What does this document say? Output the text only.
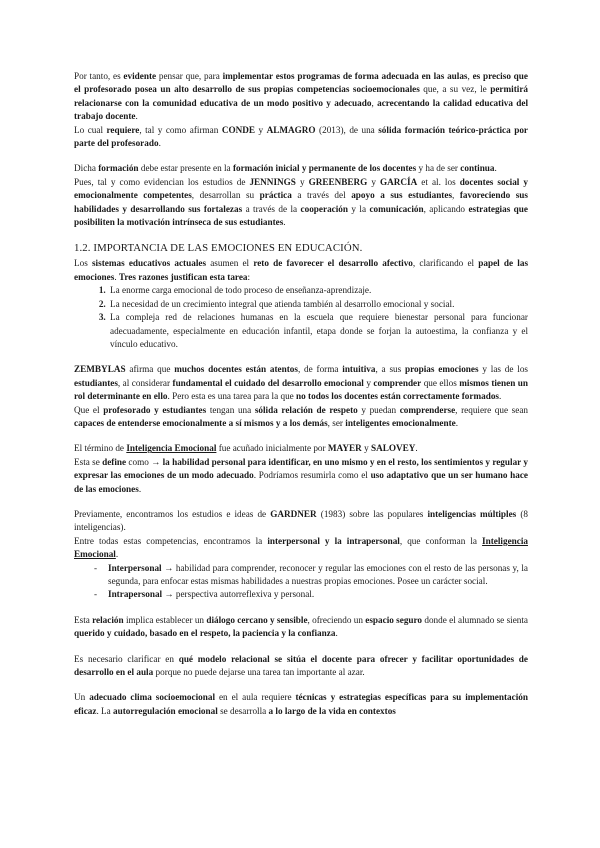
Por tanto, es evidente pensar que, para implementar estos programas de forma adecuada en las aulas, es preciso que el profesorado posea un alto desarrollo de sus propias competencias socioemocionales que, a su vez, le permitirá relacionarse con la comunidad educativa de un modo positivo y adecuado, acrecentando la calidad educativa del trabajo docente.

Lo cual requiere, tal y como afirman CONDE y ALMAGRO (2013), de una sólida formación teórico-práctica por parte del profesorado.

Dicha formación debe estar presente en la formación inicial y permanente de los docentes y ha de ser continua.

Pues, tal y como evidencian los estudios de JENNINGS y GREENBERG y GARCÍA et al. los docentes social y emocionalmente competentes, desarrollan su práctica a través del apoyo a sus estudiantes, favoreciendo sus habilidades y desarrollando sus fortalezas a través de la cooperación y la comunicación, aplicando estrategias que posibiliten la motivación intrínseca de sus estudiantes.

1.2. IMPORTANCIA DE LAS EMOCIONES EN EDUCACIÓN.

Los sistemas educativos actuales asumen el reto de favorecer el desarrollo afectivo, clarificando el papel de las emociones. Tres razones justifican esta tarea:

1. La enorme carga emocional de todo proceso de enseñanza-aprendizaje.
2. La necesidad de un crecimiento integral que atienda también al desarrollo emocional y social.
3. La compleja red de relaciones humanas en la escuela que requiere bienestar personal para funcionar adecuadamente, especialmente en educación infantil, etapa donde se forjan la autoestima, la confianza y el vínculo educativo.

ZEMBYLAS afirma que muchos docentes están atentos, de forma intuitiva, a sus propias emociones y las de los estudiantes, al considerar fundamental el cuidado del desarrollo emocional y comprender que ellos mismos tienen un rol determinante en ello. Pero esta es una tarea para la que no todos los docentes están correctamente formados.

Que el profesorado y estudiantes tengan una sólida relación de respeto y puedan comprenderse, requiere que sean capaces de entenderse emocionalmente a sí mismos y a los demás, ser inteligentes emocionalmente.

El término de Inteligencia Emocional fue acuñado inicialmente por MAYER y SALOVEY.

Esta se define como → la habilidad personal para identificar, en uno mismo y en el resto, los sentimientos y regular y expresar las emociones de un modo adecuado. Podríamos resumirla como el uso adaptativo que un ser humano hace de las emociones.

Previamente, encontramos los estudios e ideas de GARDNER (1983) sobre las populares inteligencias múltiples (8 inteligencias).

Entre todas estas competencias, encontramos la interpersonal y la intrapersonal, que conforman la Inteligencia Emocional.

- Interpersonal → habilidad para comprender, reconocer y regular las emociones con el resto de las personas y, la segunda, para enfocar estas mismas habilidades a nuestras propias emociones. Posee un carácter social.
- Intrapersonal → perspectiva autorreflexiva y personal.

Esta relación implica establecer un diálogo cercano y sensible, ofreciendo un espacio seguro donde el alumnado se sienta querido y cuidado, basado en el respeto, la paciencia y la confianza.

Es necesario clarificar en qué modelo relacional se sitúa el docente para ofrecer y facilitar oportunidades de desarrollo en el aula porque no puede dejarse una tarea tan importante al azar.

Un adecuado clima socioemocional en el aula requiere técnicas y estrategias específicas para su implementación eficaz. La autorregulación emocional se desarrolla a lo largo de la vida en contextos
